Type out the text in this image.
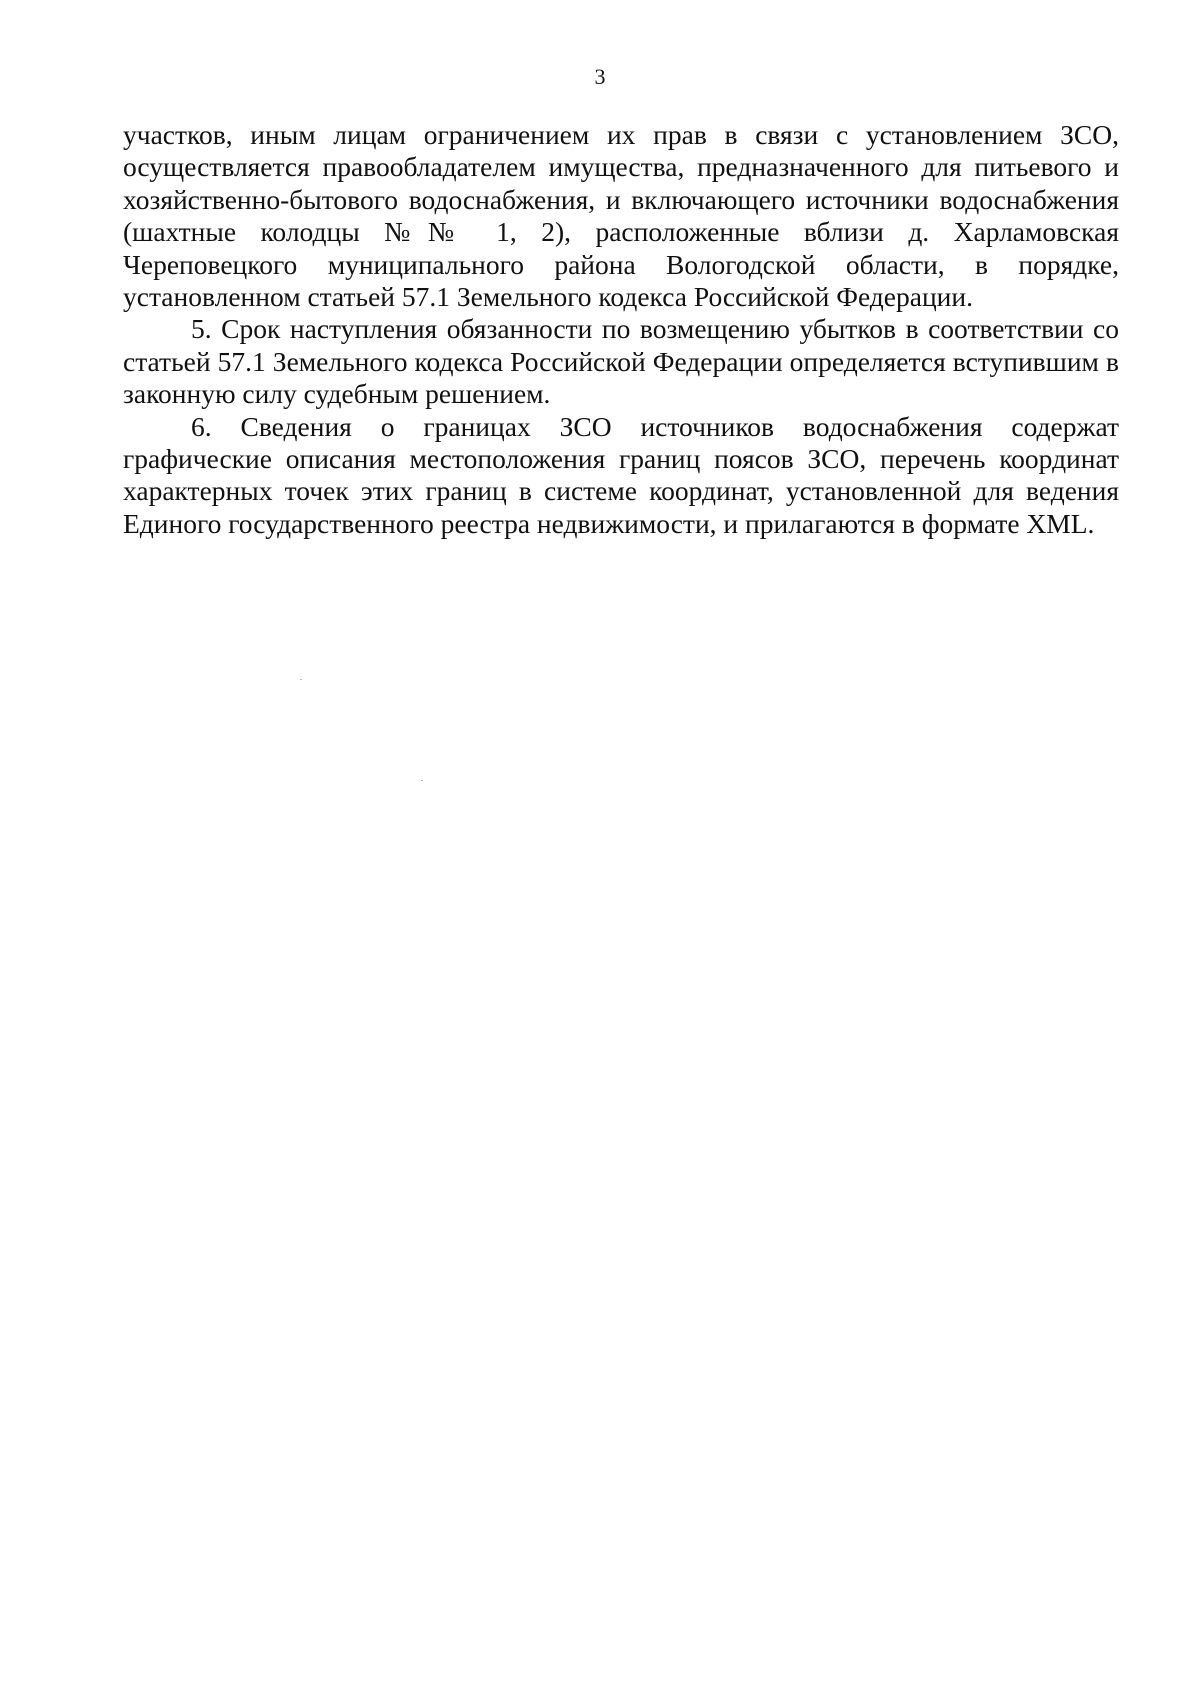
3

участков, иным лицам ограничением их прав в связи с установлением ЗСО, осуществляется правообладателем имущества, предназначенного для питьевого и хозяйственно-бытового водоснабжения, и включающего источники водоснабжения (шахтные колодцы №№ 1, 2), расположенные вблизи д. Харламовская Череповецкого муниципального района Вологодской области, в порядке, установленном статьей 57.1 Земельного кодекса Российской Федерации.

5. Срок наступления обязанности по возмещению убытков в соответствии со статьей 57.1 Земельного кодекса Российской Федерации определяется вступившим в законную силу судебным решением.

6. Сведения о границах ЗСО источников водоснабжения содержат графические описания местоположения границ поясов ЗСО, перечень координат характерных точек этих границ в системе координат, установленной для ведения Единого государственного реестра недвижимости, и прилагаются в формате XML.
